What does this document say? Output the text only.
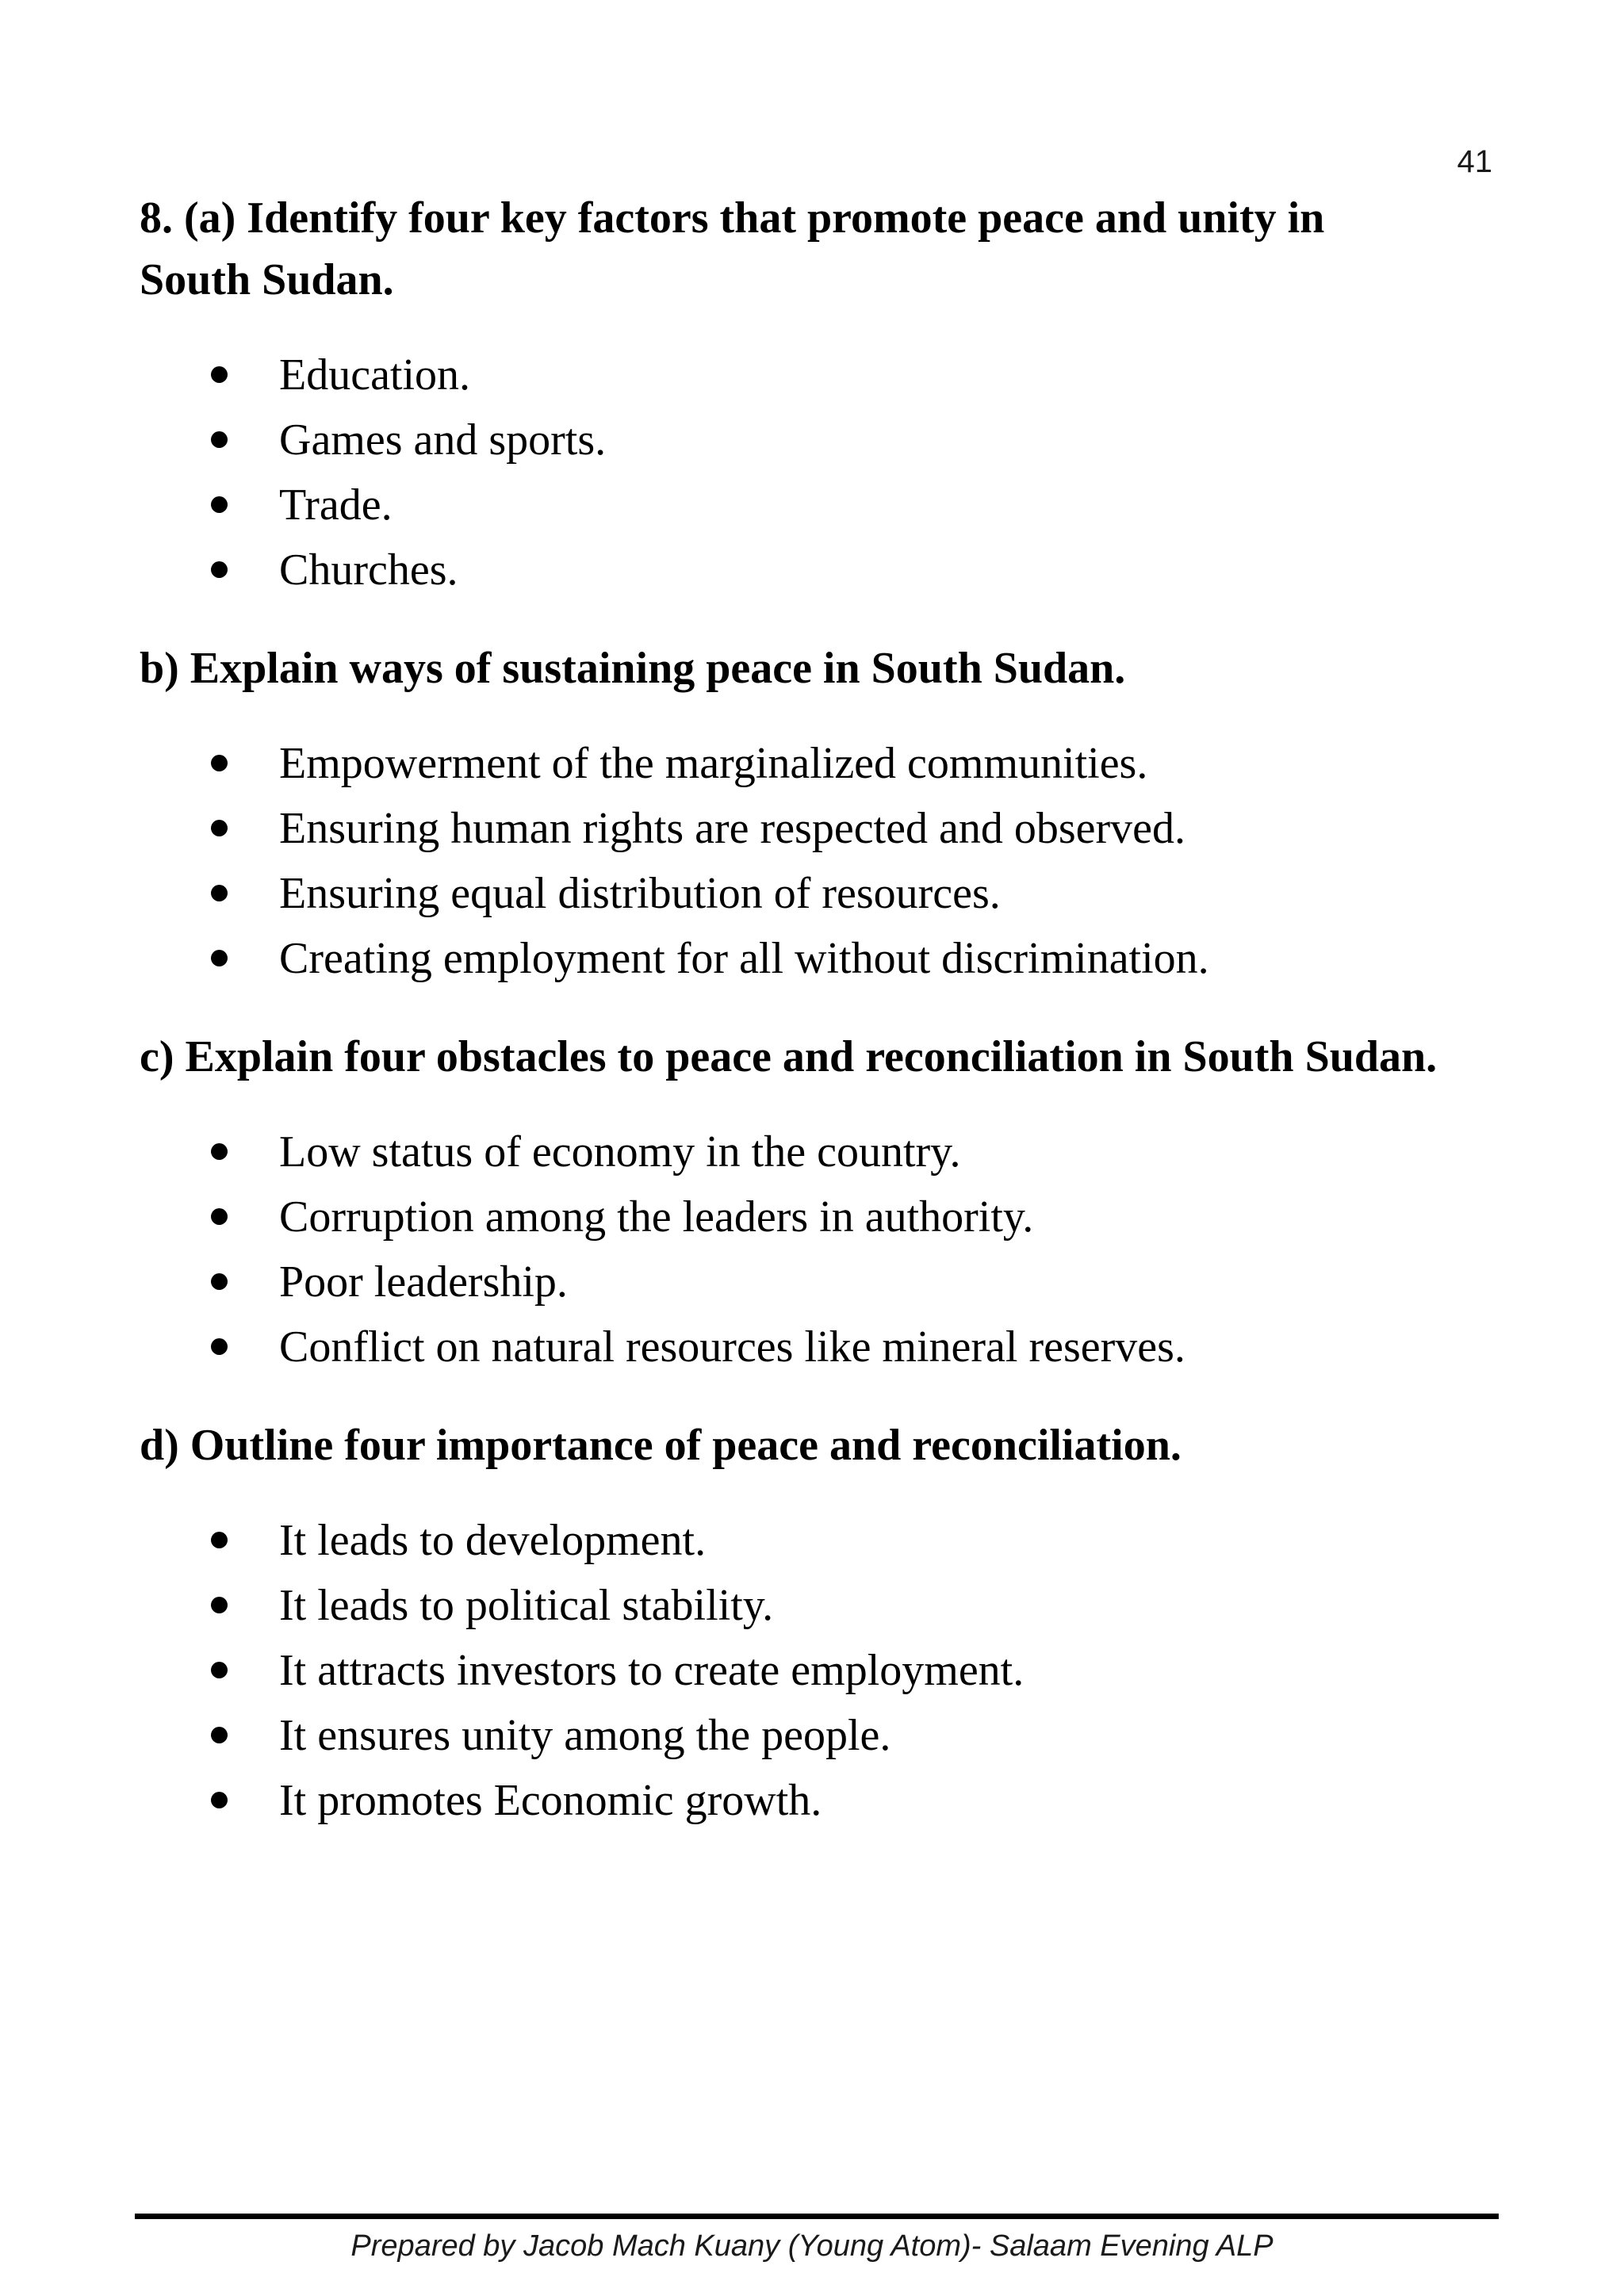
41

8. (a) Identify four key factors that promote peace and unity in South Sudan.

Education.
Games and sports.
Trade.
Churches.

b) Explain ways of sustaining peace in South Sudan.

Empowerment of the marginalized communities.
Ensuring human rights are respected and observed.
Ensuring equal distribution of resources.
Creating employment for all without discrimination.

c) Explain four obstacles to peace and reconciliation in South Sudan.

Low status of economy in the country.
Corruption among the leaders in authority.
Poor leadership.
Conflict on natural resources like mineral reserves.

d) Outline four importance of peace and reconciliation.

It leads to development.
It leads to political stability.
It attracts investors to create employment.
It ensures unity among the people.
It promotes Economic growth.
Prepared by Jacob Mach Kuany (Young Atom)- Salaam Evening ALP
